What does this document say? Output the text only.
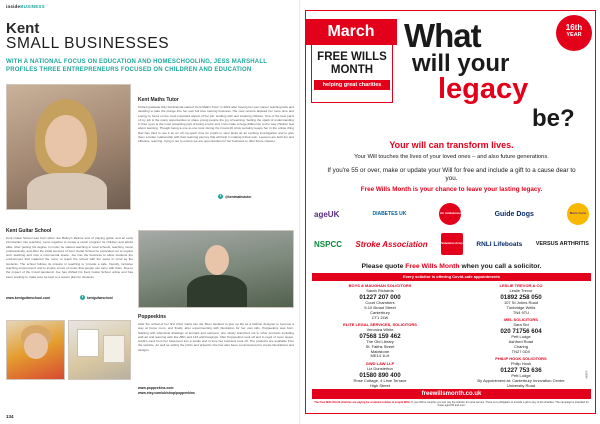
insideBUSINESS
Kent
SMALL BUSINESSES
WITH A NATIONAL FOCUS ON EDUCATION AND HOMESCHOOLING, JESS MARSHALL PROFILES THREE ENTREPRENEURS FOCUSED ON CHILDREN AND EDUCATION
Kent Maths Tutor
Oxford graduate Raz Ferdinanda started 'Kent Maths Tutor' in 2019 after having her own career teaching kids and deciding to take the plunge into her own full time tutoring business. Her new venture allowed her more time and energy to focus on the most important aspect of her job: working with and inspiring children. One of the best parts of my job is the many opportunities to share young people the joy of learning. Setting the spark of understanding in their eyes is the most rewarding part of being a tutor and I can make a huge difference to the way children feel about learning. Though being a one-to-one tutor during the Covid-19 crisis certainly keeps her in the online thing Raz has tried to use it as an 'oh-my-gosh' time for pupils to view tasks as an exciting investigation and to give them a better relationship with their learning journey that will help in making it their own. Lessons are both fun and effective, learning, trying it out to ensure we are opportunities for her business to offer future classes.
f	@kentmathstutor
Kent Guitar School
Kent Guitar School was born when Joe Bailey's lifetime love of playing guitar, and an early introduction into teaching, came together to create a music program for children and adults alike. After getting his degree in music he started teaching in local schools, teaching music professionally, and after the initial success of Kent Guitar School he expanded out to regular term teaching and now a commercial space. Joe has the business to allow students the environment that mattered the most, to teach the school with the same in mind as the students. The school follows its mission in teaching to 'provide a safe, friendly, inclusive teaching environment' and to inspire a love of music that people can carry with them. Due to the impact of the Covid pandemic Joe has shifted his Kent Guitar School online and has been working to make sure he kept to a lesson plan for students.
www.kentguitarschool.com	f	kentguitarschool
Poppeekins
After the arrival of her first child, Carla van der Meer decided to give up life as a fashion designer to become a stay at home mum, and finally, after experimenting with illustration for her own kids, Poppeekins was born. Starting with whimsical drawings of animals and cartoons, she slowly branched out to other products including wall art and learning aids like ABC and 123 wall hangings. After Poppeekins took off and in need of more space, Carla's went from her basement into a studio and in time her business took off. The products are available from the website. As well as selling the prints and artworks she has also been commissioned to create illustrations and designs.
www.poppeekins.com
www.etsy.com/uk/shop/poppeekins
134
March
FREE WILLS
MONTH
helping great charities
16th
YEAR
What
will your
legacy
be?
Your will can transform lives.
Your Will touches the lives of your loved ones – and also future generations.
If you're 55 or over, make or update your Will for free and include a gift to a cause dear to you.
Free Wills Month is your chance to leave your lasting legacy.
ageUK	DIABETES UK	Air Ambulance	Guide Dogs	Marie Curie
NSPCC Stroke Association	Salvation Army RNLI Lifeboats VERSUS ARTHRITIS
Please quote Free Wills Month when you call a solicitor.
Every solicitor is offering Covid-safe appointments
BOYS & MAUGHAN SOLICITORS
Sarah Richards
01227 207 000
Court Chambers
9-10 Broad Street
Canterbury
CT1 2LW
ELITE LEGAL SERVICES, SOLICITORS
Veronica White
07568 159 462
The Old Library
St. Faiths Street
Maidstone
ME14 1LH
GWD LAW LLP
Liz Dunsterton
01580 890 400
Rose Cottage, 4 Lime Terrace
High Street
LESLIE TREVOR & CO
Leslie Trevor
01892 258 050
107 St Johns Road
Tunbridge Wells
TN4 9TU
MEL SOLICITORS
Sara Sid
020 71756 604
Pett Lodge
Ashford Road
Charing
TN27 0DX
PHILIP HOOK SOLICITORS
Philip Hook
01227 753 636
Pett Lodge
By Appointment at: Canterbury Innovation Centre
University Road
freewillsmonth.co.uk
The Free Wills Month charities are paying for a limited number of simple Wills. If your Will is complex you can pay the solicitor for extra service. There is no obligation to include a gift to any of the charities. The campaign is intended for those aged 55 and over.
#69870
